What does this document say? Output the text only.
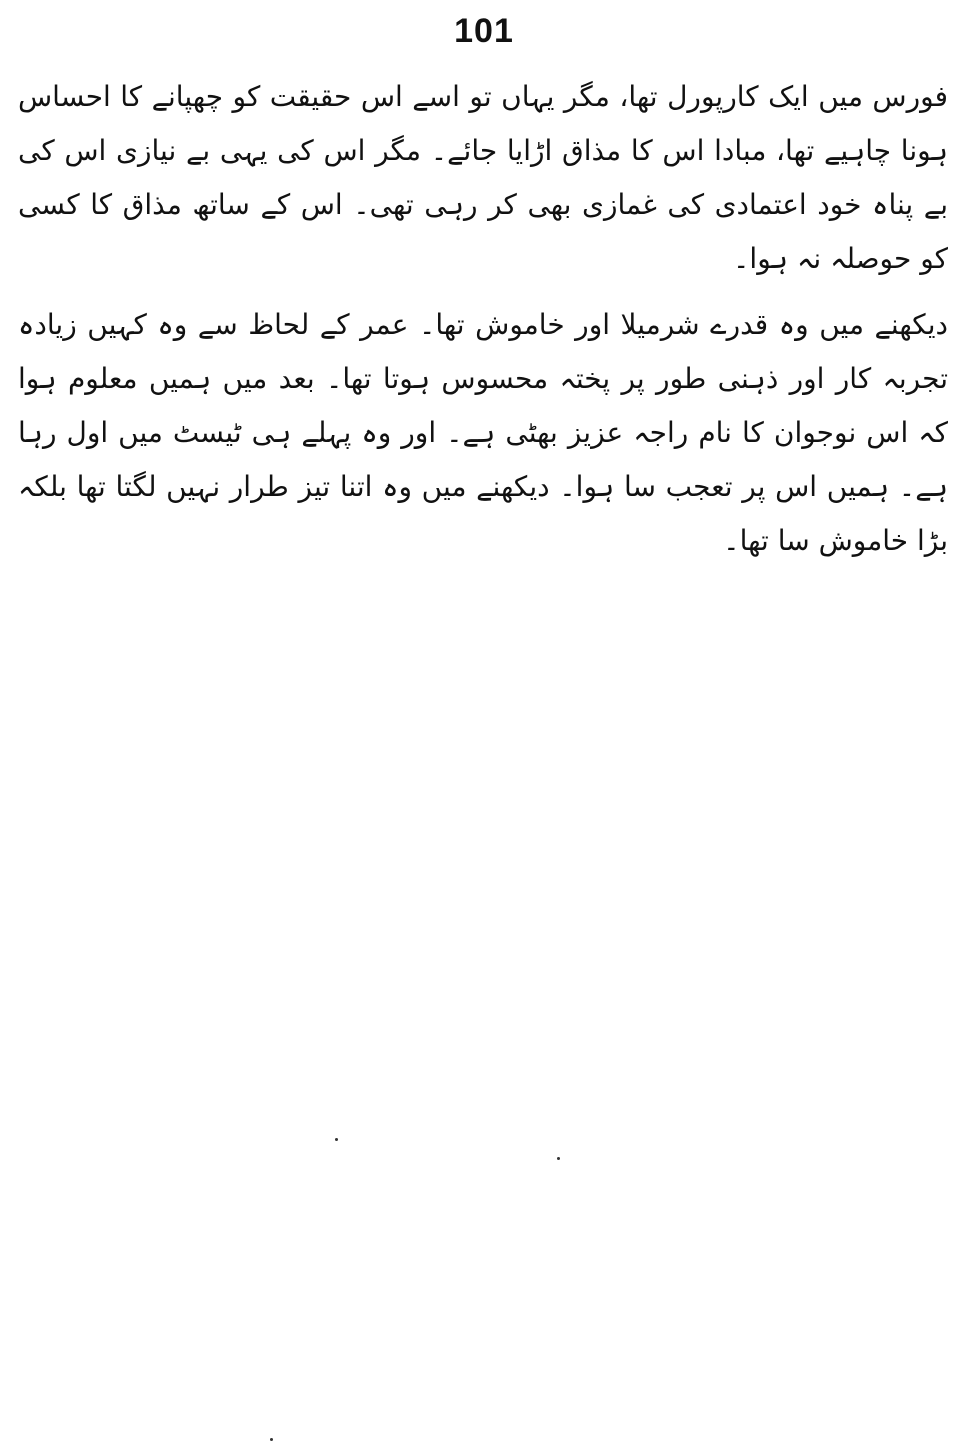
101

فورس میں ایک کارپورل تھا، مگر یہاں تو اسے اس حقیقت کو چھپانے کا احساس ہونا چاہیے تھا، مبادا اس کا مذاق اڑایا جائے۔ مگر اس کی یہی بے نیازی اس کی بے پناہ خود اعتمادی کی غمازی بھی کر رہی تھی۔ اس کے ساتھ مذاق کا کسی کو حوصلہ نہ ہوا۔

دیکھنے میں وہ قدرے شرمیلا اور خاموش تھا۔ عمر کے لحاظ سے وہ کہیں زیادہ تجربہ کار اور ذہنی طور پر پختہ محسوس ہوتا تھا۔ بعد میں ہمیں معلوم ہوا کہ اس نوجوان کا نام راجہ عزیز بھٹی ہے۔ اور وہ پہلے ہی ٹیسٹ میں اول رہا ہے۔ ہمیں اس پر تعجب سا ہوا۔ دیکھنے میں وہ اتنا تیز طرار نہیں لگتا تھا بلکہ بڑا خاموش سا تھا۔
